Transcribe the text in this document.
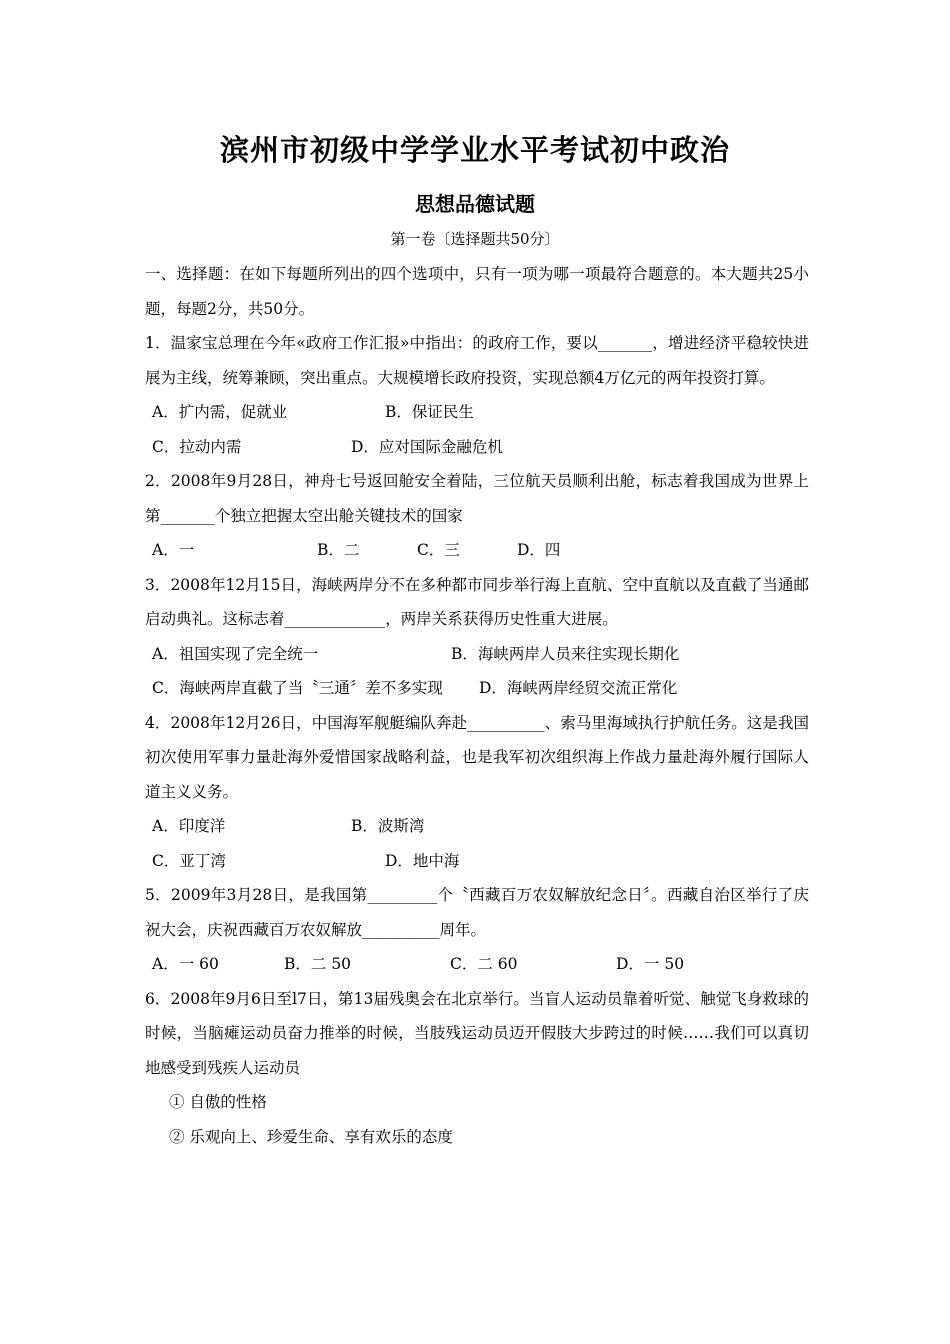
滨州市初级中学学业水平考试初中政治
思想品德试题
第一卷〔选择题共50分〕

一、选择题：在如下每题所列出的四个选项中，只有一项为哪一项最符合题意的。本大题共25小题，每题2分，共50分。

1．温家宝总理在今年«政府工作汇报»中指出：的政府工作，要以_______，增进经济平稳较快进展为主线，统筹兼顾，突出重点。大规模增长政府投资，实现总额4万亿元的两年投资打算。

A．扩内需，促就业	B．保证民生
C．拉动内需	D．应对国际金融危机

2．2008年9月28日，神舟七号返回舱安全着陆，三位航天员顺利出舱，标志着我国成为世界上第_______个独立把握太空出舱关键技术的国家

A．一	B．二	C．三	D．四

3．2008年12月15日，海峡两岸分不在多种都市同步举行海上直航、空中直航以及直截了当通邮启动典礼。这标志着_____________，两岸关系获得历史性重大进展。

A．祖国实现了完全统一	B．海峡两岸人员来往实现长期化
C．海峡两岸直截了当〝三通〞差不多实现	D．海峡两岸经贸交流正常化

4．2008年12月26日，中国海军舰艇编队奔赴__________、索马里海域执行护航任务。这是我国初次使用军事力量赴海外爱惜国家战略利益，也是我军初次组织海上作战力量赴海外履行国际人道主义义务。

A．印度洋	B．波斯湾
C．亚丁湾	D．地中海

5．2009年3月28日，是我国第_________个〝西藏百万农奴解放纪念日〞。西藏自治区举行了庆祝大会，庆祝西藏百万农奴解放__________周年。

A．一 60	B．二 50	C．二 60	D．一 50

6．2008年9月6日至l7日，第13届残奥会在北京举行。当盲人运动员靠着听觉、触觉飞身救球的时候，当脑瘫运动员奋力推举的时候，当肢残运动员迈开假肢大步跨过的时候……我们可以真切地感受到残疾人运动员

① 自傲的性格
② 乐观向上、珍爱生命、享有欢乐的态度
